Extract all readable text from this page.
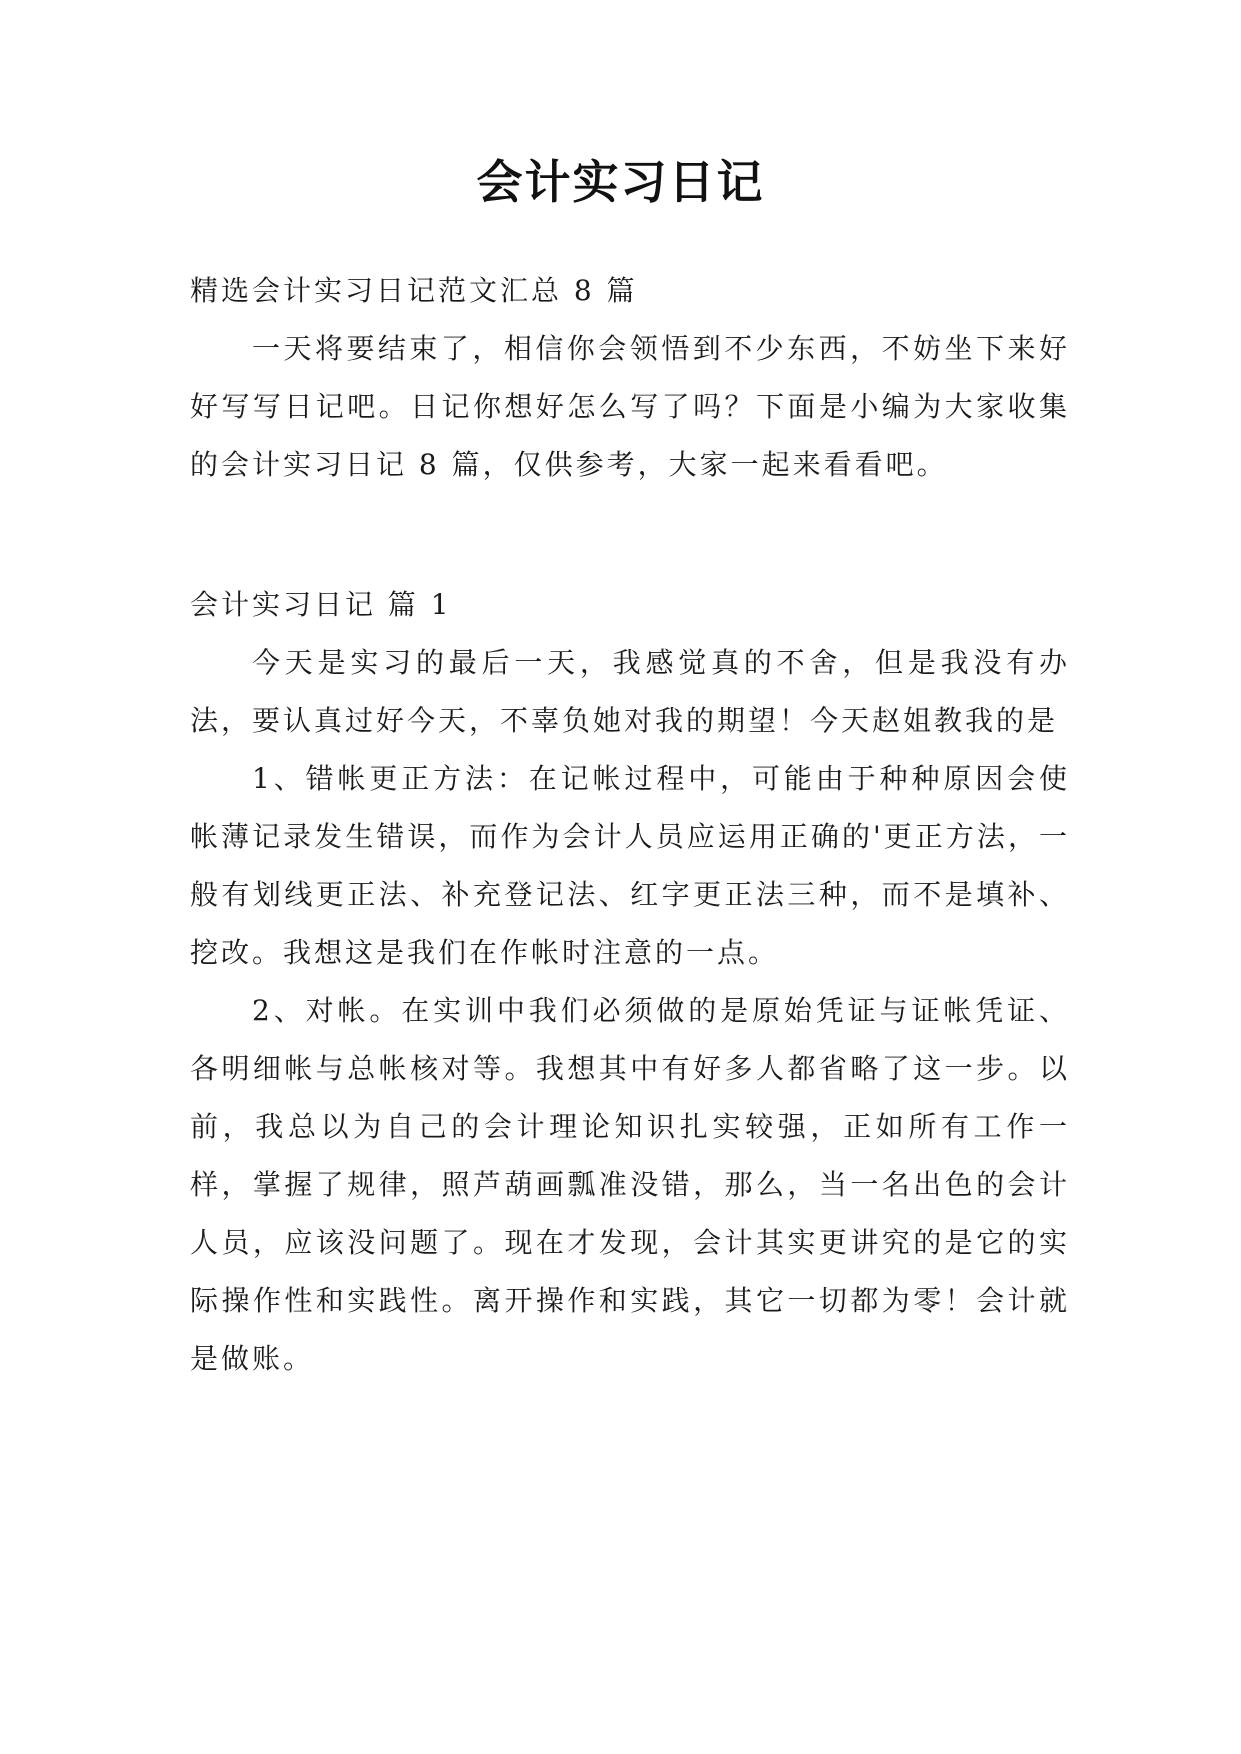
会计实习日记

精选会计实习日记范文汇总 8 篇

一天将要结束了，相信你会领悟到不少东西，不妨坐下来好好写写日记吧。日记你想好怎么写了吗？下面是小编为大家收集的会计实习日记 8 篇，仅供参考，大家一起来看看吧。

会计实习日记 篇 1

今天是实习的最后一天，我感觉真的不舍，但是我没有办法，要认真过好今天，不辜负她对我的期望！今天赵姐教我的是

1、错帐更正方法：在记帐过程中，可能由于种种原因会使帐薄记录发生错误，而作为会计人员应运用正确的'更正方法，一般有划线更正法、补充登记法、红字更正法三种，而不是填补、挖改。我想这是我们在作帐时注意的一点。

2、对帐。在实训中我们必须做的是原始凭证与证帐凭证、各明细帐与总帐核对等。我想其中有好多人都省略了这一步。以前，我总以为自己的会计理论知识扎实较强，正如所有工作一样，掌握了规律，照芦葫画瓢准没错，那么，当一名出色的会计人员，应该没问题了。现在才发现，会计其实更讲究的是它的实际操作性和实践性。离开操作和实践，其它一切都为零！会计就是做账。
